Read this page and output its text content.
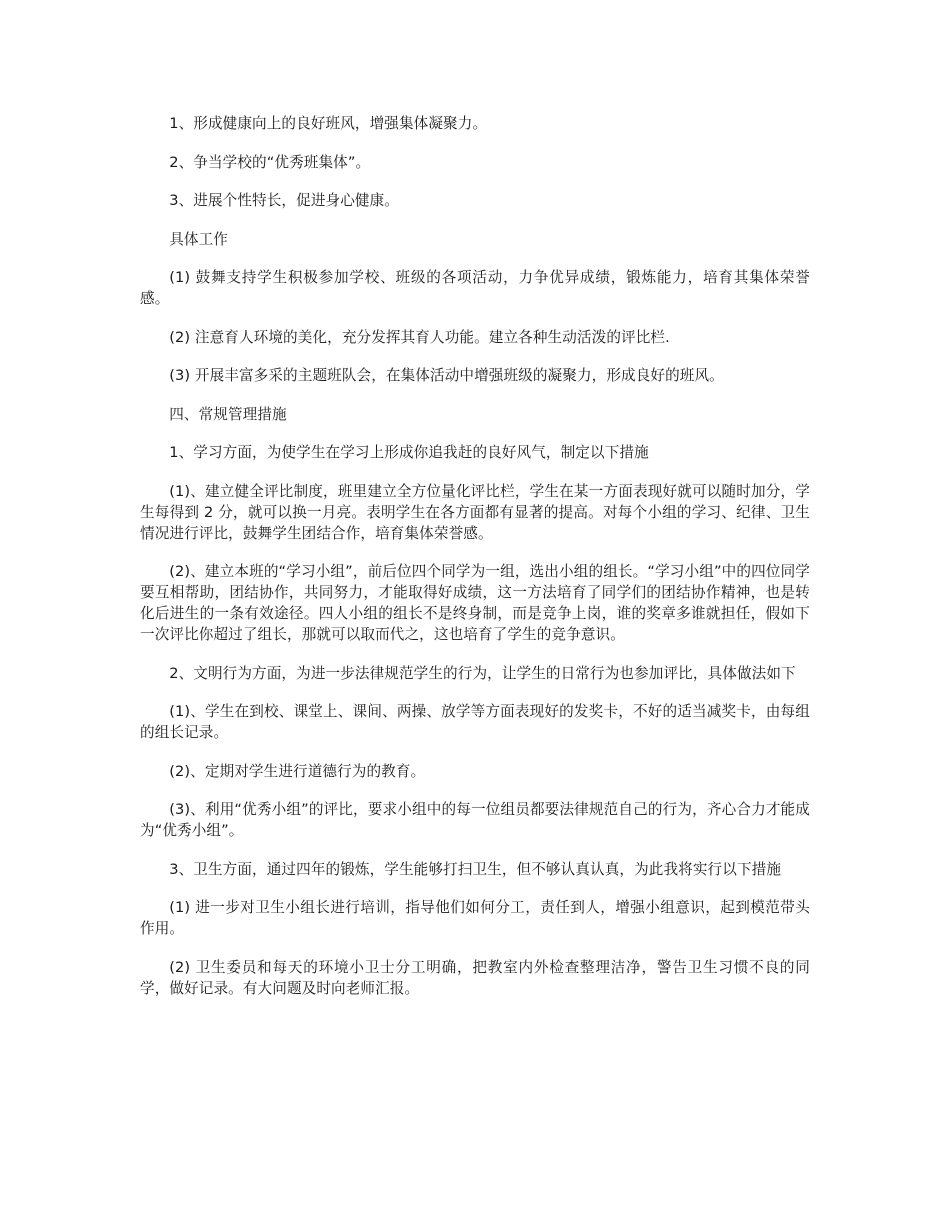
1、形成健康向上的良好班风，增强集体凝聚力。

2、争当学校的“优秀班集体”。

3、进展个性特长，促进身心健康。

具体工作

(1) 鼓舞支持学生积极参加学校、班级的各项活动，力争优异成绩，锻炼能力，培育其集体荣誉感。

(2) 注意育人环境的美化，充分发挥其育人功能。建立各种生动活泼的评比栏.

(3) 开展丰富多采的主题班队会，在集体活动中增强班级的凝聚力，形成良好的班风。

四、常规管理措施

1、学习方面，为使学生在学习上形成你追我赶的良好风气，制定以下措施

(1)、建立健全评比制度，班里建立全方位量化评比栏，学生在某一方面表现好就可以随时加分，学生每得到 2 分，就可以换一月亮。表明学生在各方面都有显著的提高。对每个小组的学习、纪律、卫生情况进行评比，鼓舞学生团结合作，培育集体荣誉感。

(2)、建立本班的“学习小组”，前后位四个同学为一组，选出小组的组长。“学习小组”中的四位同学要互相帮助，团结协作，共同努力，才能取得好成绩，这一方法培育了同学们的团结协作精神，也是转化后进生的一条有效途径。四人小组的组长不是终身制，而是竞争上岗，谁的奖章多谁就担任，假如下一次评比你超过了组长，那就可以取而代之，这也培育了学生的竞争意识。

2、文明行为方面，为进一步法律规范学生的行为，让学生的日常行为也参加评比，具体做法如下

(1)、学生在到校、课堂上、课间、两操、放学等方面表现好的发奖卡，不好的适当减奖卡，由每组的组长记录。

(2)、定期对学生进行道德行为的教育。

(3)、利用“优秀小组”的评比，要求小组中的每一位组员都要法律规范自己的行为，齐心合力才能成为“优秀小组”。

3、卫生方面，通过四年的锻炼，学生能够打扫卫生，但不够认真认真，为此我将实行以下措施

(1) 进一步对卫生小组长进行培训，指导他们如何分工，责任到人，增强小组意识，起到模范带头作用。

(2) 卫生委员和每天的环境小卫士分工明确，把教室内外检查整理洁净，警告卫生习惯不良的同学，做好记录。有大问题及时向老师汇报。
